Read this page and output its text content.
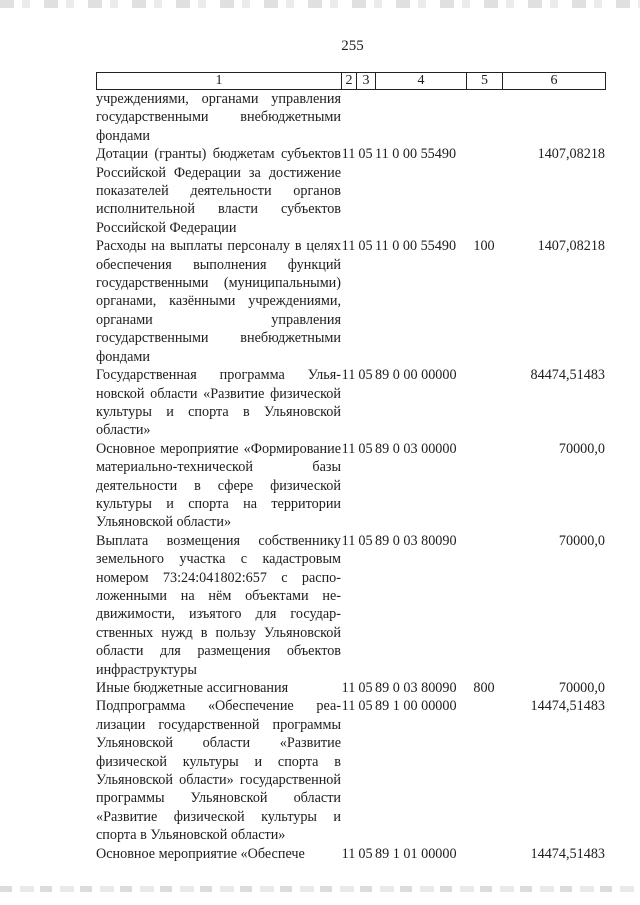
255
1	2	3	4	5	6
учреждениями, органами управления государственными внебюджетными фондами					
Дотации (гранты) бюджетам субъектов Российской Федерации за достижение показателей деятельности органов исполнительной власти субъектов Российской Федерации	11	05	11 0 00 55490		1407,08218
Расходы на выплаты персоналу в целях обеспечения выполнения функций государственными (муниципальными) органами, казёнными учреждениями, органами управления государственными внебюджетными фондами	11	05	11 0 00 55490	100	1407,08218
Государственная программа Ульяновской области «Развитие физической культуры и спорта в Ульяновской области»	11	05	89 0 00 00000		84474,51483
Основное мероприятие «Формирование материально-технической базы деятельности в сфере физической культуры и спорта на территории Ульяновской области»	11	05	89 0 03 00000		70000,0
Выплата возмещения собственнику земельного участка с кадастровым номером 73:24:041802:657 с расположенными на нём объектами недвижимости, изъятого для государственных нужд в пользу Ульяновской области для размещения объектов инфраструктуры	11	05	89 0 03 80090		70000,0
Иные бюджетные ассигнования	11	05	89 0 03 80090	800	70000,0
Подпрограмма «Обеспечение реализации государственной программы Ульяновской области «Развитие физической культуры и спорта в Ульяновской области» государственной программы Ульяновской области «Развитие физической культуры и спорта в Ульяновской области»	11	05	89 1 00 00000		14474,51483
Основное мероприятие «Обеспече	11	05	89 1 01 00000		14474,51483
